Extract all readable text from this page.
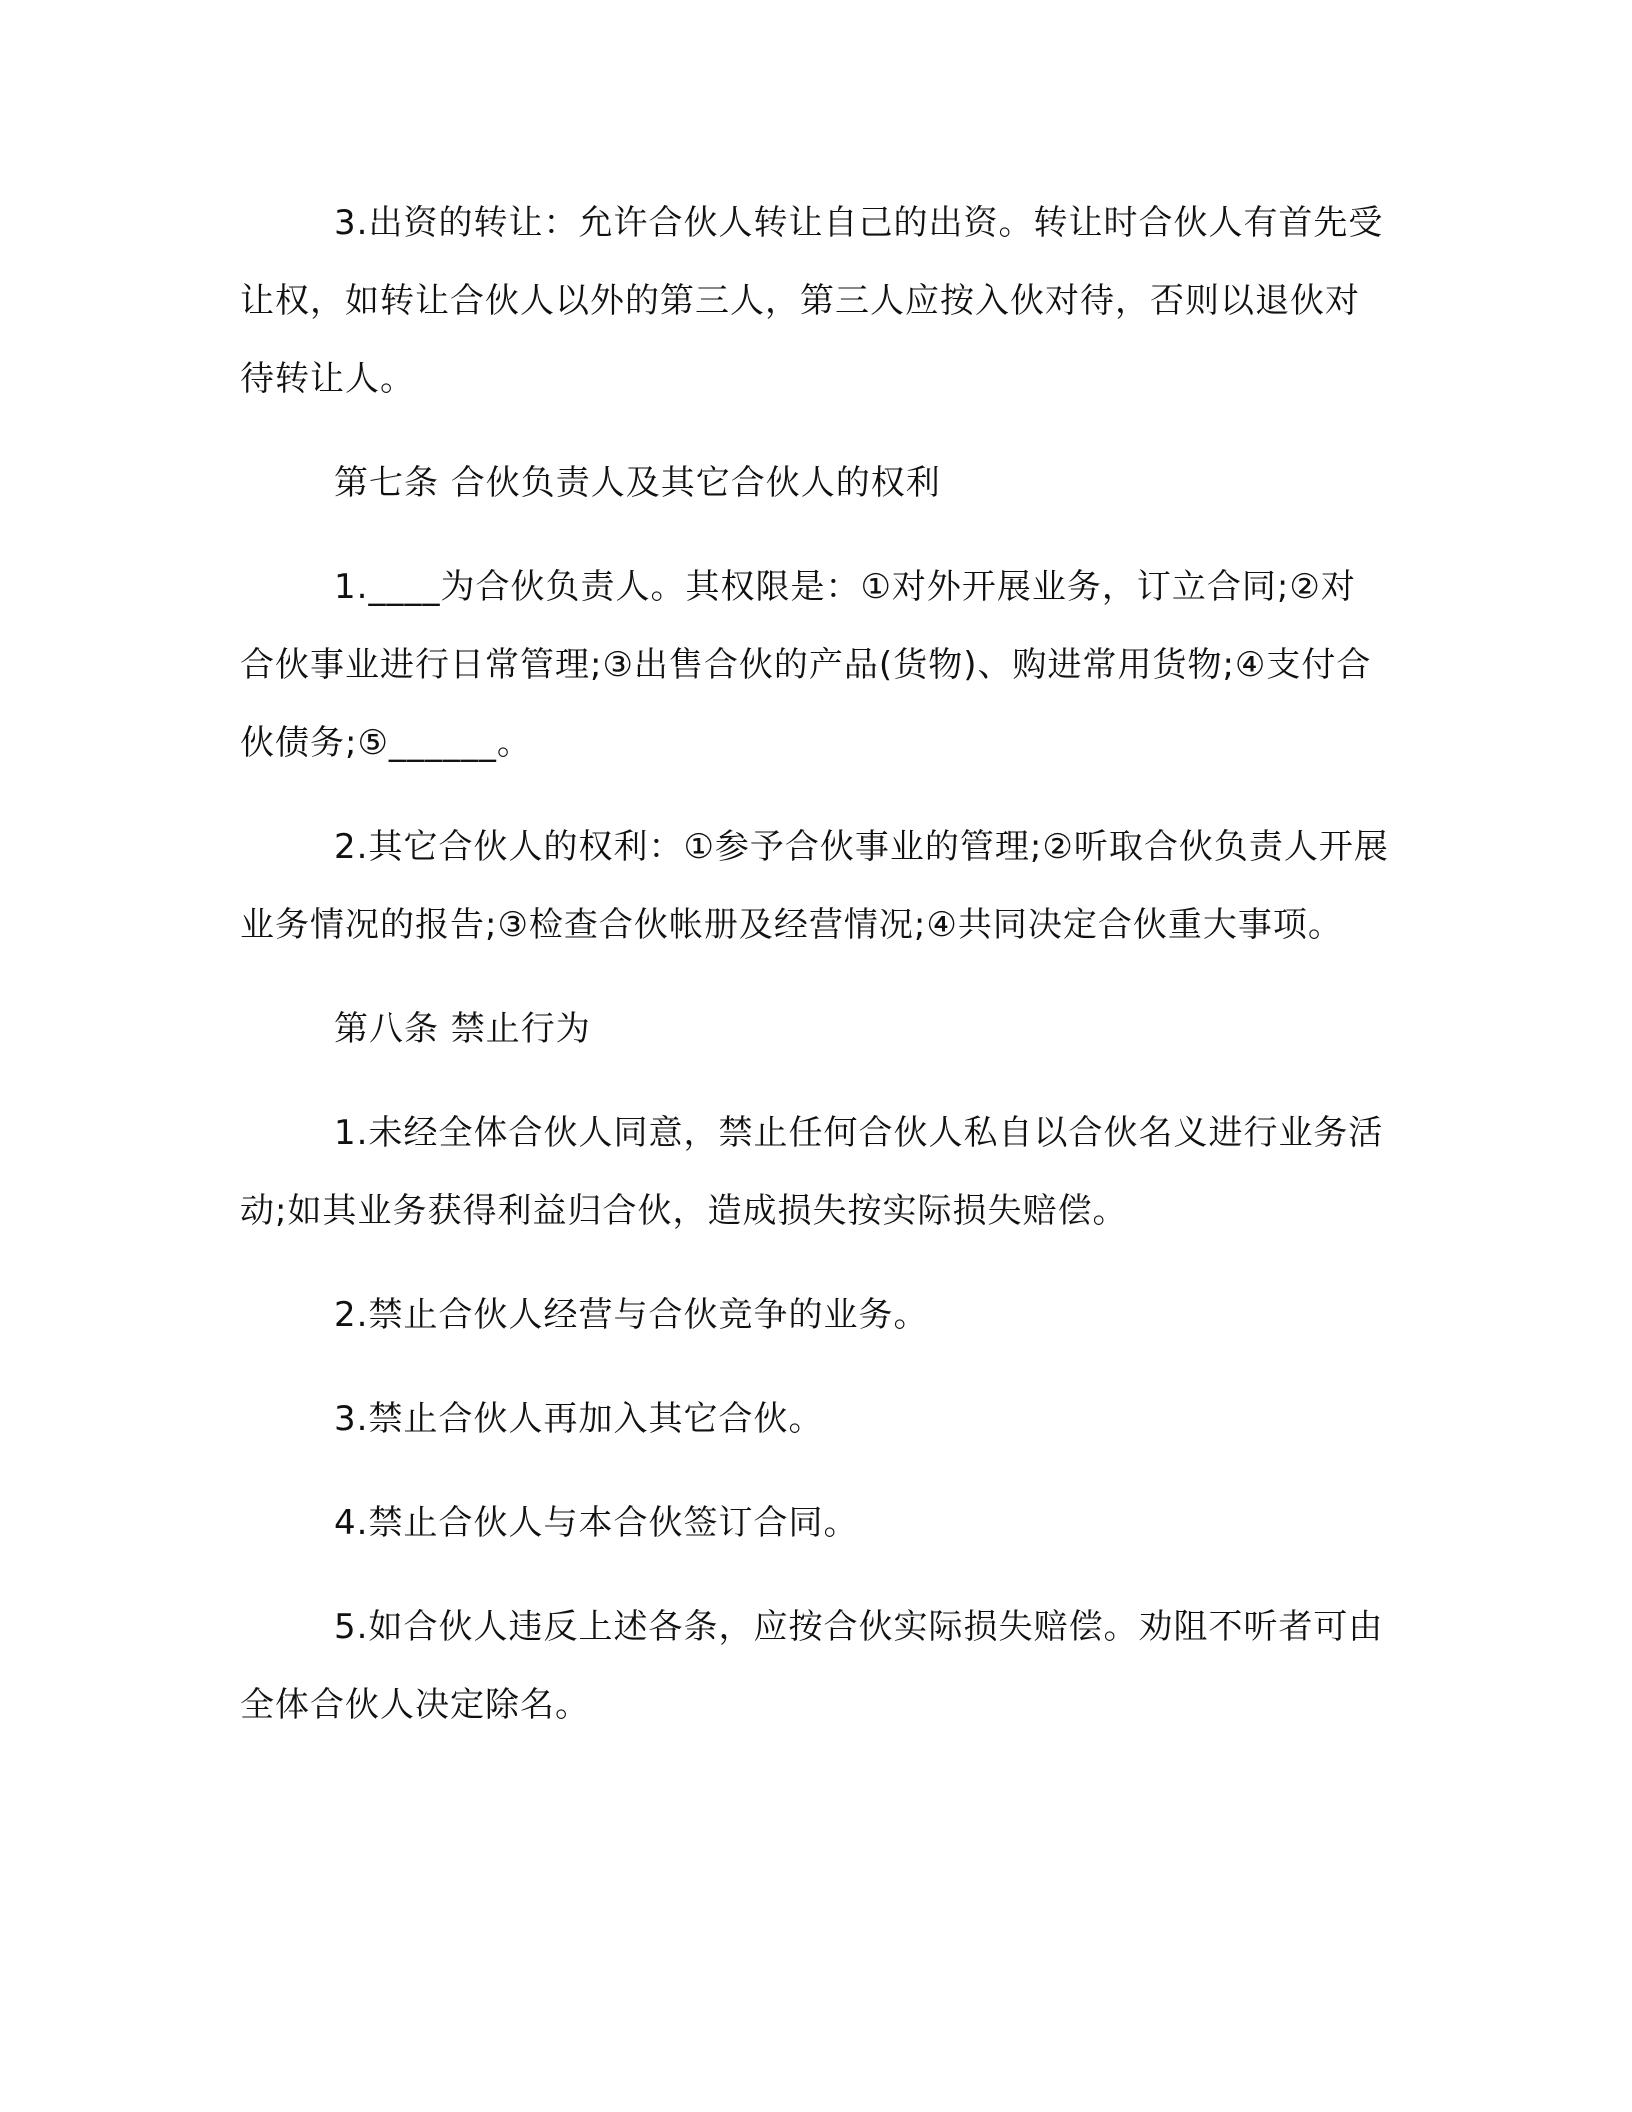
3.出资的转让：允许合伙人转让自己的出资。转让时合伙人有首先受让权，如转让合伙人以外的第三人，第三人应按入伙对待，否则以退伙对待转让人。

第七条 合伙负责人及其它合伙人的权利

1.____为合伙负责人。其权限是：①对外开展业务，订立合同;②对合伙事业进行日常管理;③出售合伙的产品(货物)、购进常用货物;④支付合伙债务;⑤______。

2.其它合伙人的权利：①参予合伙事业的管理;②听取合伙负责人开展业务情况的报告;③检查合伙帐册及经营情况;④共同决定合伙重大事项。

第八条 禁止行为

1.未经全体合伙人同意，禁止任何合伙人私自以合伙名义进行业务活动;如其业务获得利益归合伙，造成损失按实际损失赔偿。

2.禁止合伙人经营与合伙竞争的业务。

3.禁止合伙人再加入其它合伙。

4.禁止合伙人与本合伙签订合同。

5.如合伙人违反上述各条，应按合伙实际损失赔偿。劝阻不听者可由全体合伙人决定除名。
